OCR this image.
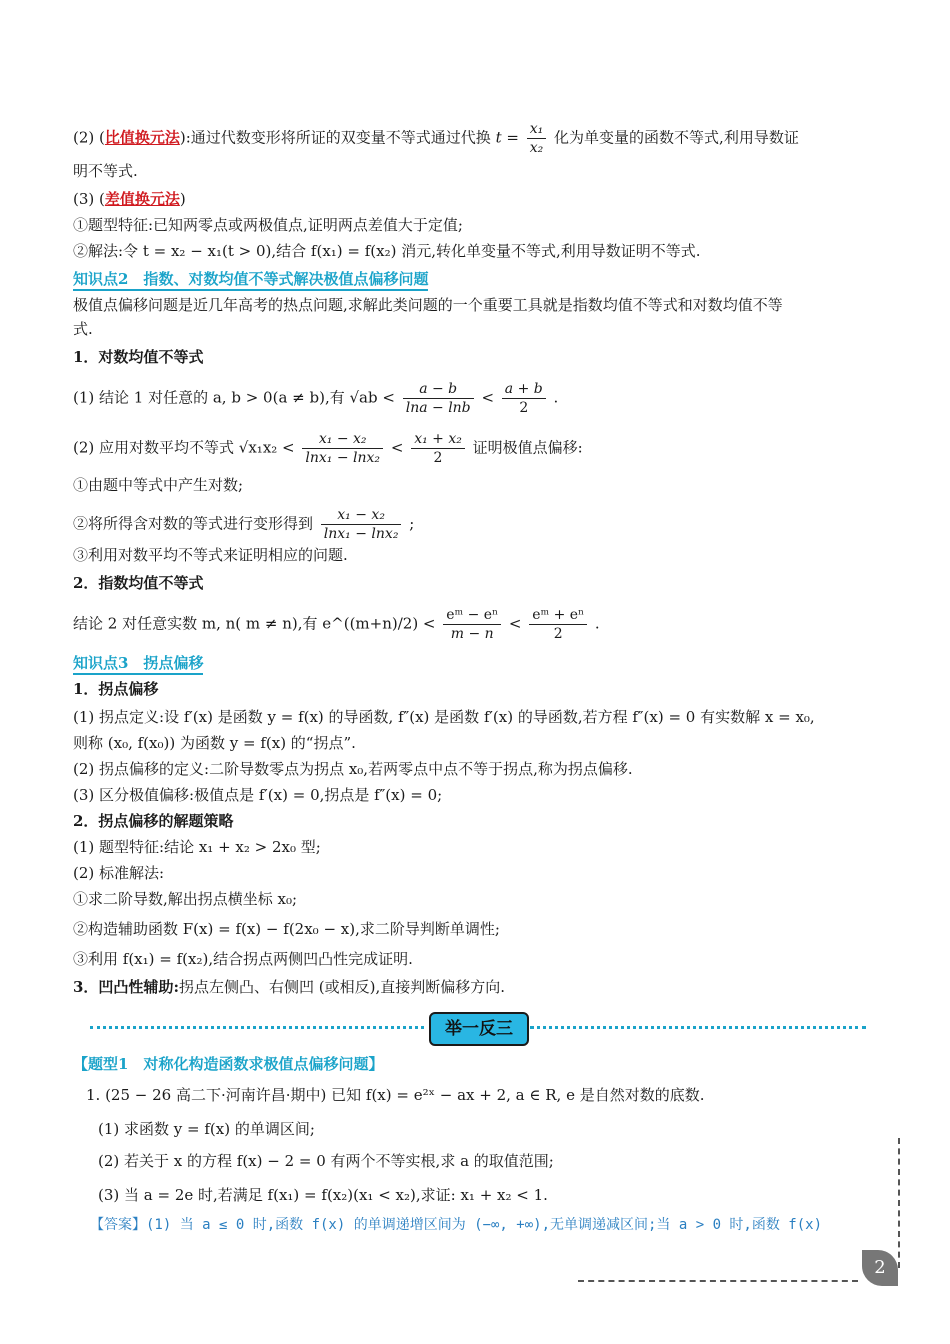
(2) (比值换元法):通过代数变形将所证的双变量不等式通过代换 $t = \frac{\text{x₁}}{\text{x₂}}$ 化为单变量的函数不等式,利用导数证
明不等式.
(3) (差值换元法)
①题型特征:已知两零点或两极值点,证明两点差值大于定值;
②解法:令 t = x₂ − x₁(t > 0),结合 f(x₁) = f(x₂) 消元,转化单变量不等式,利用导数证明不等式.
知识点2　指数、对数均值不等式解决极值点偏移问题
极值点偏移问题是近几年高考的热点问题,求解此类问题的一个重要工具就是指数均值不等式和对数均值不等
式.
1．对数均值不等式
(1) 结论 1 对任意的 a, b > 0(a ≠ b),有 $√ab < \frac{a - b}{\ln a - \ln b} < \frac{a + b}{2}$ .
(2) 应用对数平均不等式 $√x_1x_2 < \frac{\text{x₁ − x₂}}{\text{lnx₁ − lnx₂}} < \frac{\text{x₁ + x₂}}{2}$ 证明极值点偏移:
①由题中等式中产生对数;
②将所得含对数的等式进行变形得到 $\frac{\text{x₁ − x₂}}{\text{lnx₁ − lnx₂}}$ ;
③利用对数平均不等式来证明相应的问题.
2．指数均值不等式
结论 2 对任意实数 m, n( m ≠ n),有 e^((m+n)/2) < $\frac{\text{eᵐ − eⁿ}}{m - n} < \frac{\text{eᵐ + eⁿ}}{2}$ .
知识点3　拐点偏移
1．拐点偏移
(1) 拐点定义:设 f′(x) 是函数 y = f(x) 的导函数, f″(x) 是函数 f′(x) 的导函数,若方程 f″(x) = 0 有实数解 x = x₀,
则称 (x₀, f(x₀)) 为函数 y = f(x) 的“拐点”.
(2) 拐点偏移的定义:二阶导数零点为拐点 x₀,若两零点中点不等于拐点,称为拐点偏移.
(3) 区分极值偏移:极值点是 f′(x) = 0,拐点是 f″(x) = 0;
2．拐点偏移的解题策略
(1) 题型特征:结论 x₁ + x₂ > 2x₀ 型;
(2) 标准解法:
①求二阶导数,解出拐点横坐标 x₀;
②构造辅助函数 F(x) = f(x) − f(2x₀ − x),求二阶导判断单调性;
③利用 f(x₁) = f(x₂),结合拐点两侧凹凸性完成证明.
3．凹凸性辅助:拐点左侧凸、右侧凹 (或相反),直接判断偏移方向.
举一反三
【题型1　对称化构造函数求极值点偏移问题】
1. (25 − 26 高二下·河南许昌·期中) 已知 f(x) = e²ˣ − ax + 2, a ∈ R, e 是自然对数的底数.
(1) 求函数 y = f(x) 的单调区间;
(2) 若关于 x 的方程 f(x) − 2 = 0 有两个不等实根,求 a 的取值范围;
(3) 当 a = 2e 时,若满足 f(x₁) = f(x₂)(x₁ < x₂),求证: x₁ + x₂ < 1.
【答案】(1) 当 a ≤ 0 时,函数 f(x) 的单调递增区间为 (−∞, +∞),无单调递减区间;当 a > 0 时,函数 f(x)
2
